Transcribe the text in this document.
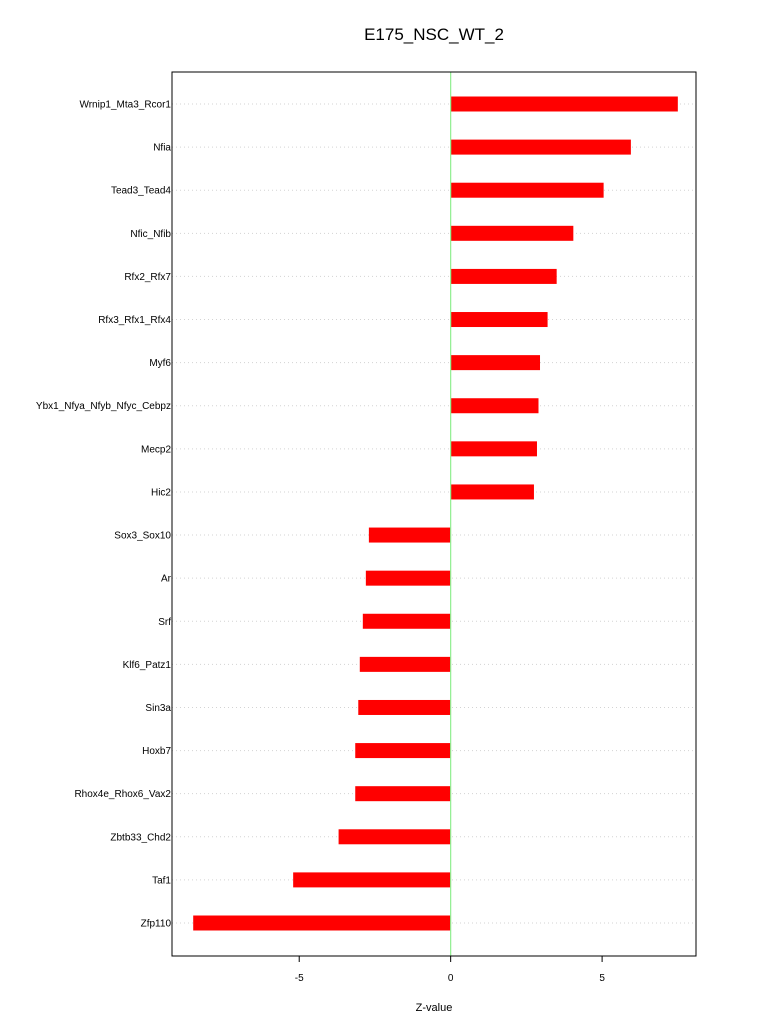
E175_NSC_WT_2
Wrnip1_Mta3_Rcor1
Nfia
Tead3_Tead4
Nfic_Nfib
Rfx2_Rfx7
Rfx3_Rfx1_Rfx4
Myf6
Ybx1_Nfya_Nfyb_Nfyc_Cebpz
Mecp2
Hic2
Sox3_Sox10
Ar
Srf
Klf6_Patz1
Sin3a
Hoxb7
Rhox4e_Rhox6_Vax2
Zbtb33_Chd2
Taf1
Zfp110
-5	0	5
Z-value
